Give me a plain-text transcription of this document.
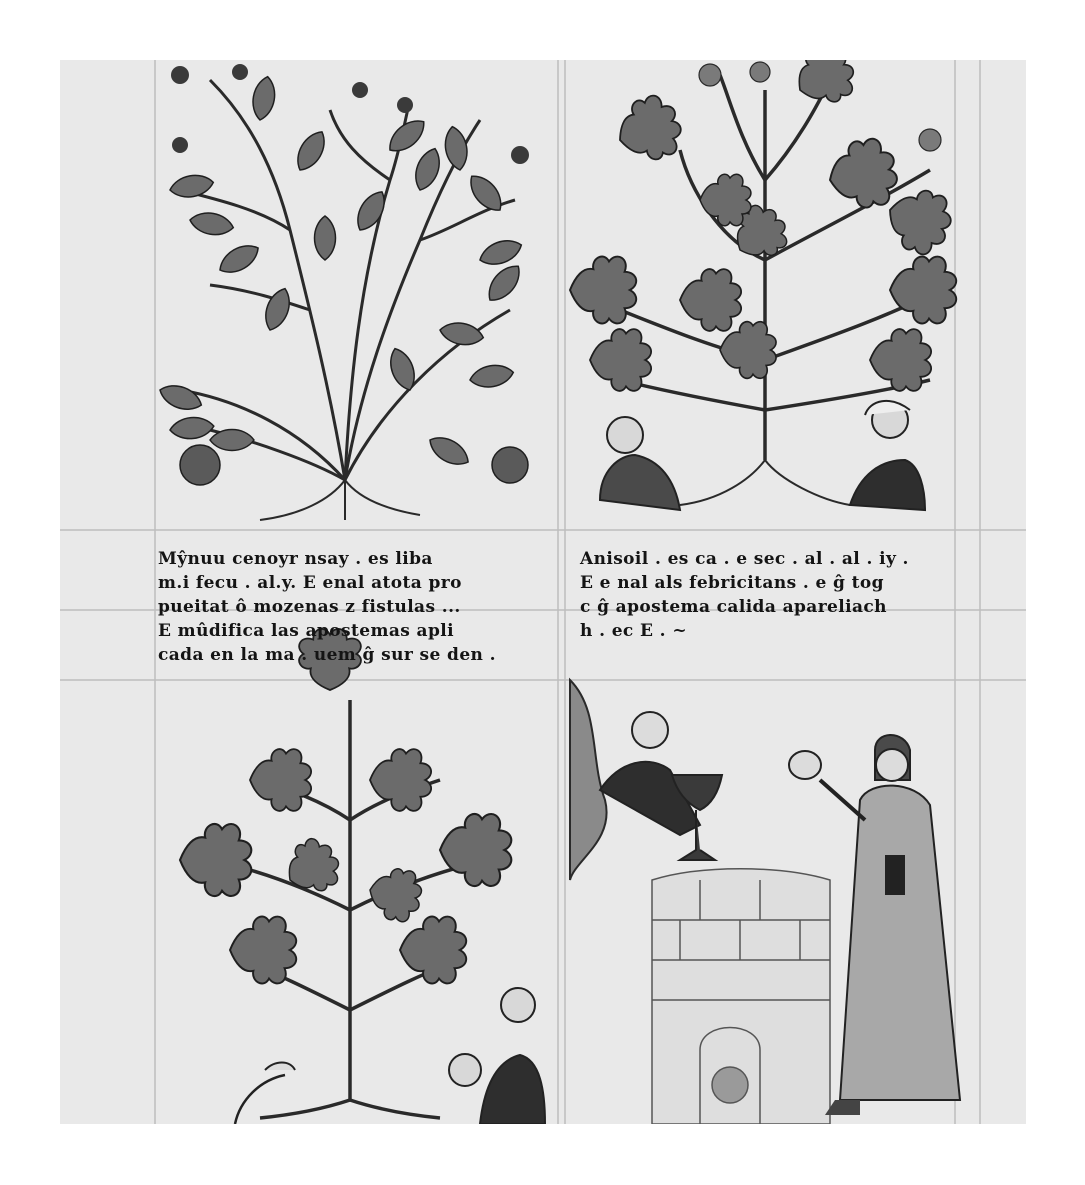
Mŷnuu cenoyr nsay . es liba
m.i fecu . al.y. E enal atota pro
pueitat ô mozenas z fistulas ...
E mûdifica las apostemas apli
cada en la ma . uem ĝ sur se den .
Anisoil . es ca . e sec . al . al . iy .
E e nal als febricitans . e ĝ tog
c ĝ apostema calida apareliach
h . ec E . ~
